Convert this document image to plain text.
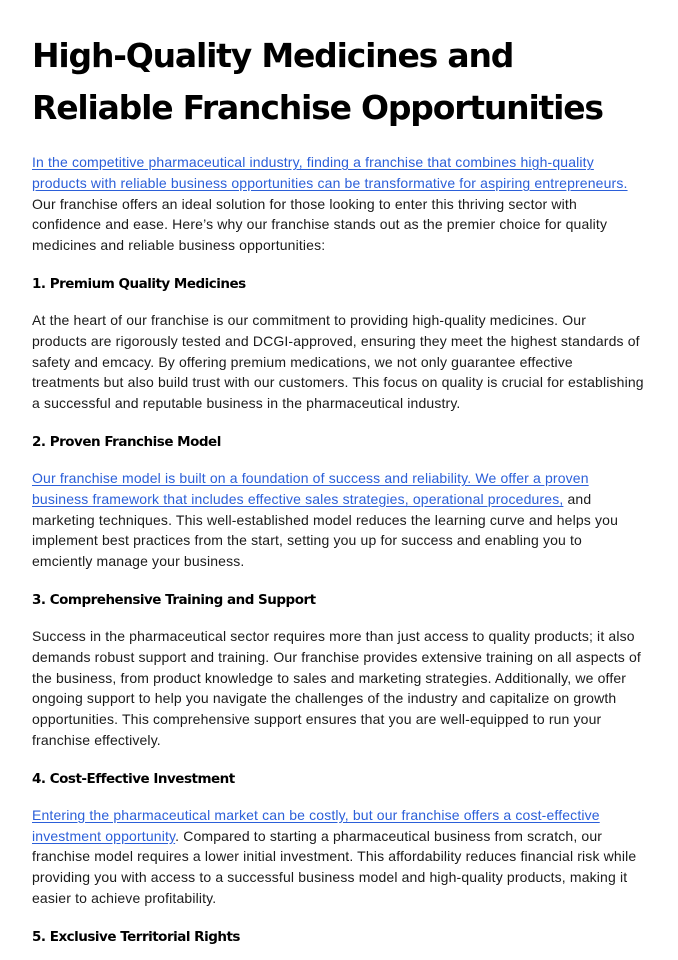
High-Quality Medicines and
Reliable Franchise Opportunities

In the competitive pharmaceutical industry, finding a franchise that combines high-quality products with reliable business opportunities can be transformative for aspiring entrepreneurs. Our franchise offers an ideal solution for those looking to enter this thriving sector with confidence and ease. Here’s why our franchise stands out as the premier choice for quality medicines and reliable business opportunities:

1. Premium Quality Medicines

At the heart of our franchise is our commitment to providing high-quality medicines. Our products are rigorously tested and DCGI-approved, ensuring they meet the highest standards of safety and emcacy. By offering premium medications, we not only guarantee effective treatments but also build trust with our customers. This focus on quality is crucial for establishing a successful and reputable business in the pharmaceutical industry.

2. Proven Franchise Model

Our franchise model is built on a foundation of success and reliability. We offer a proven business framework that includes effective sales strategies, operational procedures, and marketing techniques. This well-established model reduces the learning curve and helps you implement best practices from the start, setting you up for success and enabling you to emciently manage your business.

3. Comprehensive Training and Support

Success in the pharmaceutical sector requires more than just access to quality products; it also demands robust support and training. Our franchise provides extensive training on all aspects of the business, from product knowledge to sales and marketing strategies. Additionally, we offer ongoing support to help you navigate the challenges of the industry and capitalize on growth opportunities. This comprehensive support ensures that you are well-equipped to run your franchise effectively.

4. Cost-Effective Investment

Entering the pharmaceutical market can be costly, but our franchise offers a cost-effective investment opportunity. Compared to starting a pharmaceutical business from scratch, our franchise model requires a lower initial investment. This affordability reduces financial risk while providing you with access to a successful business model and high-quality products, making it easier to achieve profitability.

5. Exclusive Territorial Rights
